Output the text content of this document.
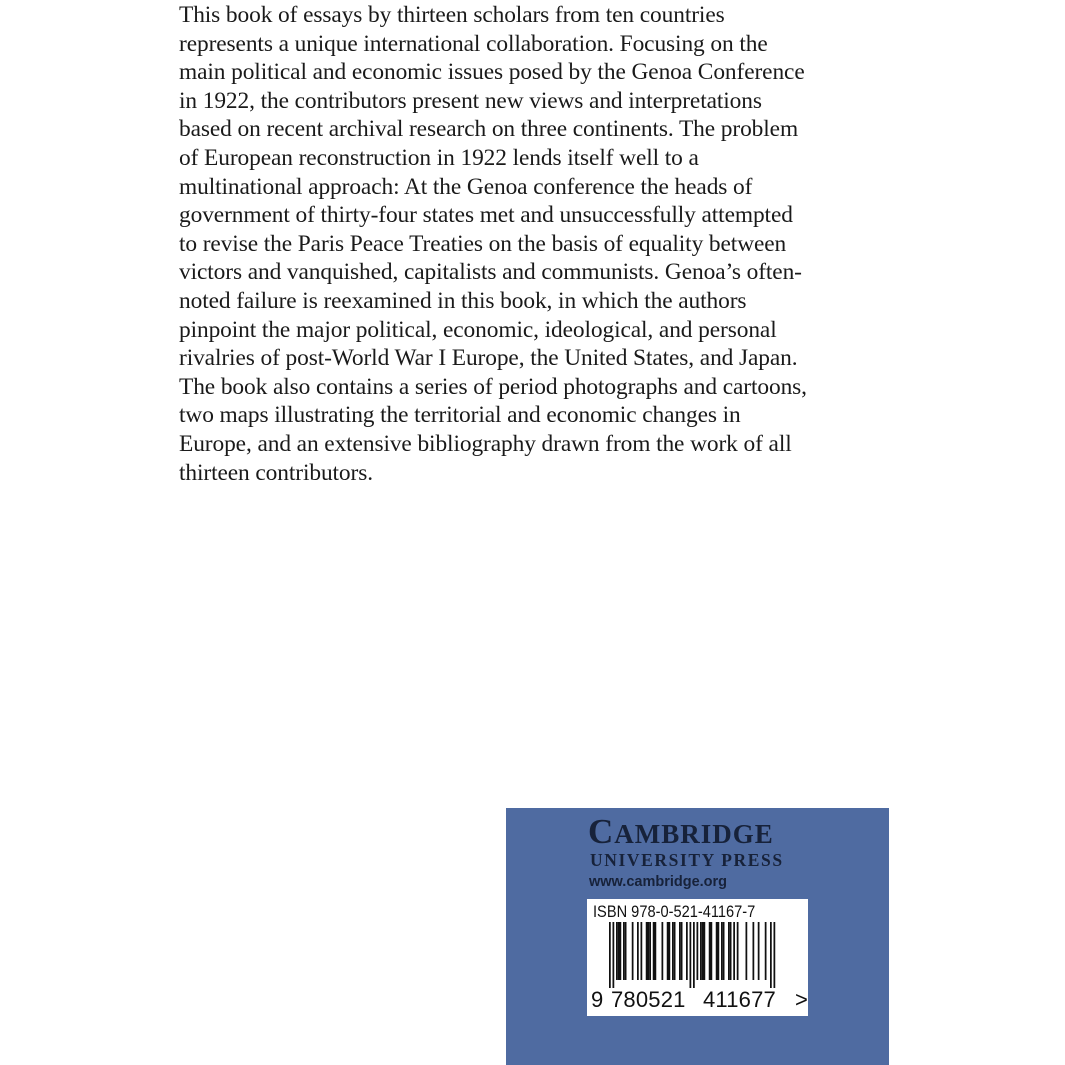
This book of essays by thirteen scholars from ten countries
represents a unique international collaboration. Focusing on the
main political and economic issues posed by the Genoa Conference
in 1922, the contributors present new views and interpretations
based on recent archival research on three continents. The problem
of European reconstruction in 1922 lends itself well to a
multinational approach: At the Genoa conference the heads of
government of thirty-four states met and unsuccessfully attempted
to revise the Paris Peace Treaties on the basis of equality between
victors and vanquished, capitalists and communists. Genoa’s often-
noted failure is reexamined in this book, in which the authors
pinpoint the major political, economic, ideological, and personal
rivalries of post-World War I Europe, the United States, and Japan.
The book also contains a series of period photographs and cartoons,
two maps illustrating the territorial and economic changes in
Europe, and an extensive bibliography drawn from the work of all
thirteen contributors.

CAMBRIDGE

UNIVERSITY PRESS

www.cambridge.org

ISBN 978-0-521-41167-7

9 780521 411677 >
